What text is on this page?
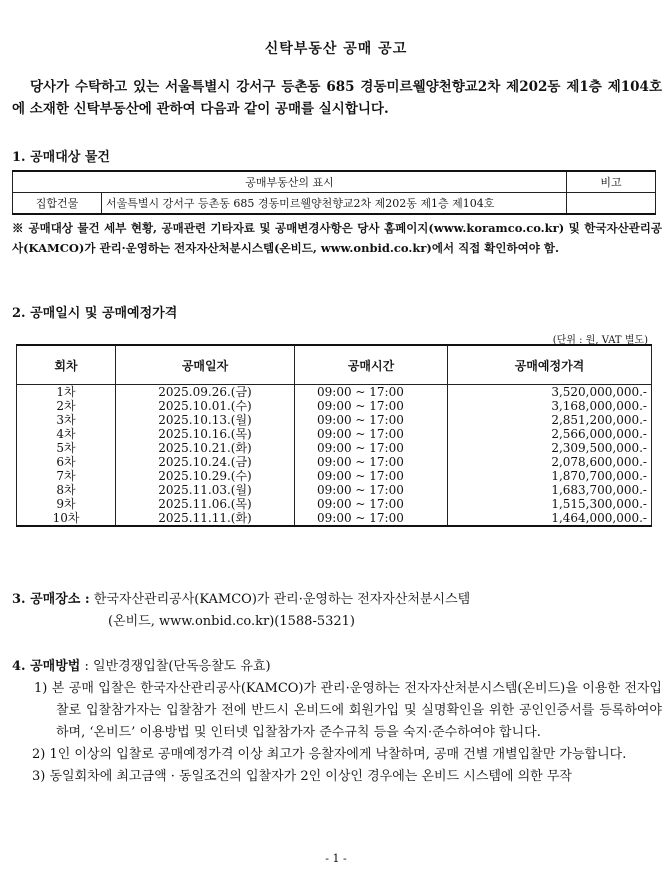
신탁부동산 공매 공고
당사가 수탁하고 있는 서울특별시 강서구 등촌동 685 경동미르웰양천향교2차 제202동 제1층 제104호에 소재한 신탁부동산에 관하여 다음과 같이 공매를 실시합니다.
1. 공매대상 물건
공매부동산의 표시		비고
집합건물	서울특별시 강서구 등촌동 685 경동미르웰양천향교2차 제202동 제1층 제104호	
※ 공매대상 물건 세부 현황, 공매관련 기타자료 및 공매변경사항은 당사 홈페이지(www.koramco.co.kr) 및 한국자산관리공사(KAMCO)가 관리·운영하는 전자자산처분시스템(온비드, www.onbid.co.kr)에서 직접 확인하여야 함.
2. 공매일시 및 공매예정가격
(단위 : 원, VAT 별도)
회차	공매일자	공매시간	공매예정가격
1차	2025.09.26.(금)	09:00 ~ 17:00	3,520,000,000.-
2차	2025.10.01.(수)	09:00 ~ 17:00	3,168,000,000.-
3차	2025.10.13.(월)	09:00 ~ 17:00	2,851,200,000.-
4차	2025.10.16.(목)	09:00 ~ 17:00	2,566,000,000.-
5차	2025.10.21.(화)	09:00 ~ 17:00	2,309,500,000.-
6차	2025.10.24.(금)	09:00 ~ 17:00	2,078,600,000.-
7차	2025.10.29.(수)	09:00 ~ 17:00	1,870,700,000.-
8차	2025.11.03.(월)	09:00 ~ 17:00	1,683,700,000.-
9차	2025.11.06.(목)	09:00 ~ 17:00	1,515,300,000.-
10차	2025.11.11.(화)	09:00 ~ 17:00	1,464,000,000.-
3. 공매장소 : 한국자산관리공사(KAMCO)가 관리·운영하는 전자자산처분시스템
(온비드, www.onbid.co.kr)(1588-5321)
4. 공매방법 : 일반경쟁입찰(단독응찰도 유효)
1) 본 공매 입찰은 한국자산관리공사(KAMCO)가 관리·운영하는 전자자산처분시스템(온비드)을 이용한 전자입찰로 입찰참가자는 입찰참가 전에 반드시 온비드에 회원가입 및 실명확인을 위한 공인인증서를 등록하여야 하며, ‘온비드’ 이용방법 및 인터넷 입찰참가자 준수규칙 등을 숙지·준수하여야 합니다.
2) 1인 이상의 입찰로 공매예정가격 이상 최고가 응찰자에게 낙찰하며, 공매 건별 개별입찰만 가능합니다.
3) 동일회차에 최고금액 · 동일조건의 입찰자가 2인 이상인 경우에는 온비드 시스템에 의한 무작
- 1 -
